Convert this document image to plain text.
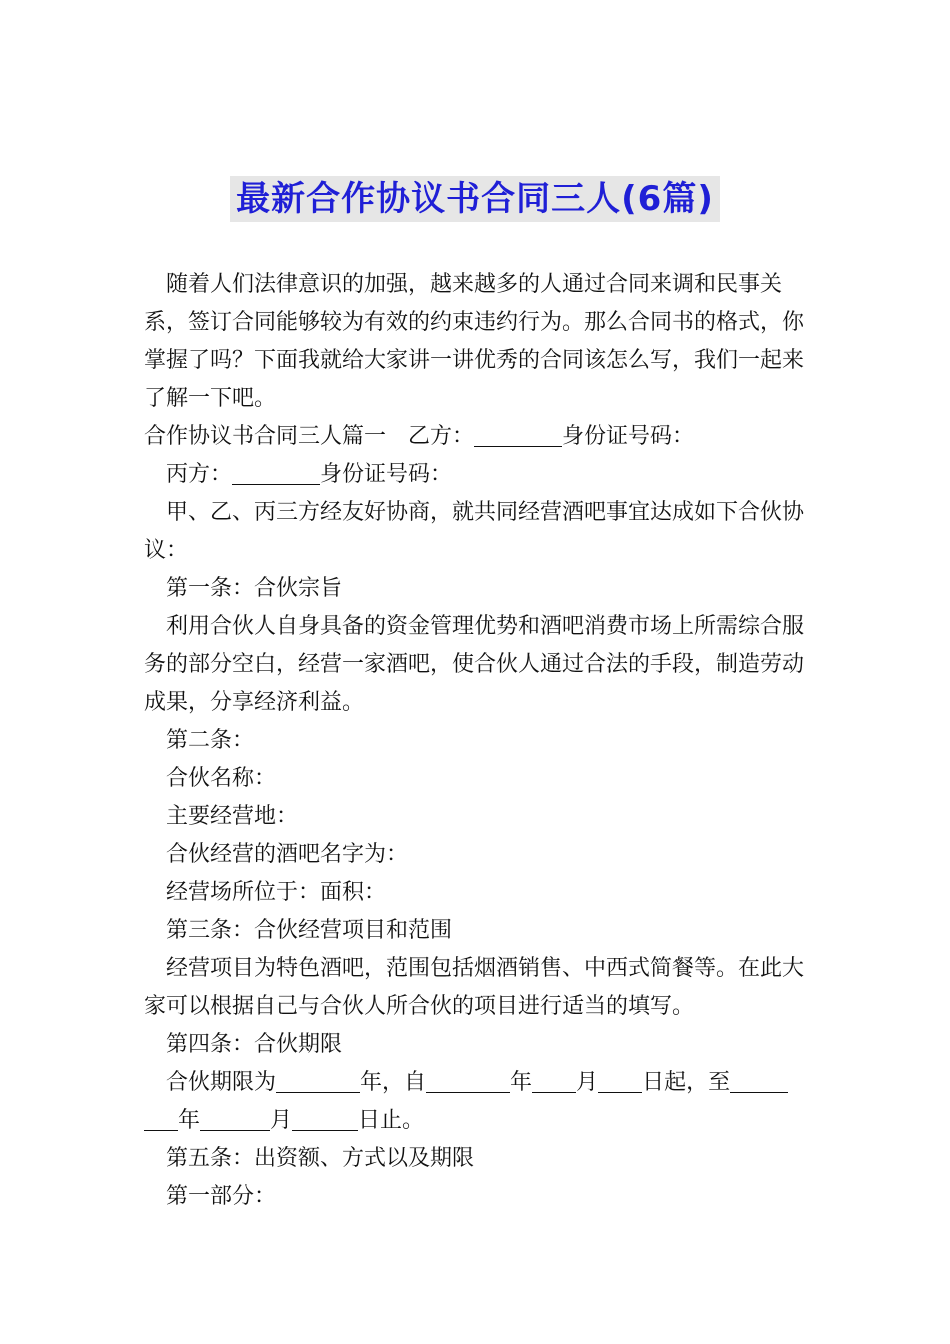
最新合作协议书合同三人(6篇)

随着人们法律意识的加强，越来越多的人通过合同来调和民事关系，签订合同能够较为有效的约束违约行为。那么合同书的格式，你掌握了吗？下面我就给大家讲一讲优秀的合同该怎么写，我们一起来了解一下吧。

合作协议书合同三人篇一　乙方：	身份证号码：

丙方：	身份证号码：

甲、乙、丙三方经友好协商，就共同经营酒吧事宜达成如下合伙协议：

第一条：合伙宗旨

利用合伙人自身具备的资金管理优势和酒吧消费市场上所需综合服务的部分空白，经营一家酒吧，使合伙人通过合法的手段，制造劳动成果，分享经济利益。

第二条：

合伙名称：

主要经营地：

合伙经营的酒吧名字为：

经营场所位于：面积：

第三条：合伙经营项目和范围

经营项目为特色酒吧，范围包括烟酒销售、中西式简餐等。在此大家可以根据自己与合伙人所合伙的项目进行适当的填写。

第四条：合伙期限

合伙期限为	年，自	年 月 日起，至年	月	日止。

第五条：出资额、方式以及期限

第一部分：
